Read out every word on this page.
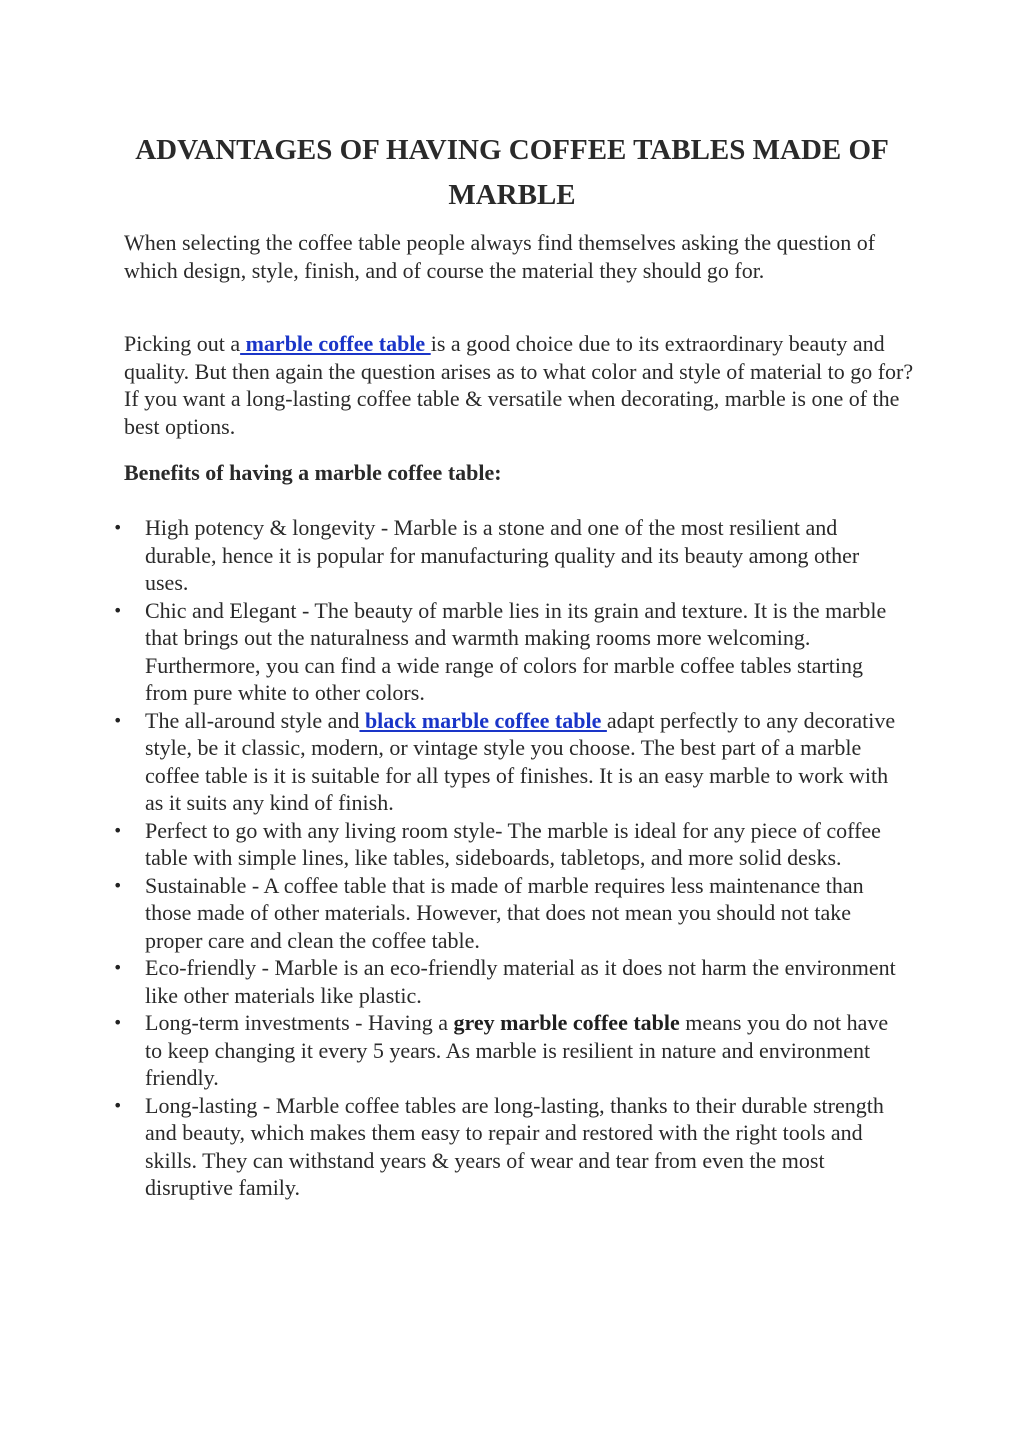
ADVANTAGES OF HAVING COFFEE TABLES MADE OF MARBLE

When selecting the coffee table people always find themselves asking the question of which design, style, finish, and of course the material they should go for.

Picking out a marble coffee table is a good choice due to its extraordinary beauty and quality. But then again the question arises as to what color and style of material to go for? If you want a long-lasting coffee table & versatile when decorating, marble is one of the best options.

Benefits of having a marble coffee table:
• High potency & longevity - Marble is a stone and one of the most resilient and durable, hence it is popular for manufacturing quality and its beauty among other uses.
• Chic and Elegant - The beauty of marble lies in its grain and texture. It is the marble that brings out the naturalness and warmth making rooms more welcoming. Furthermore, you can find a wide range of colors for marble coffee tables starting from pure white to other colors.
• The all-around style and black marble coffee table adapt perfectly to any decorative style, be it classic, modern, or vintage style you choose. The best part of a marble coffee table is it is suitable for all types of finishes. It is an easy marble to work with as it suits any kind of finish.
• Perfect to go with any living room style- The marble is ideal for any piece of coffee table with simple lines, like tables, sideboards, tabletops, and more solid desks.
• Sustainable - A coffee table that is made of marble requires less maintenance than those made of other materials. However, that does not mean you should not take proper care and clean the coffee table.
• Eco-friendly - Marble is an eco-friendly material as it does not harm the environment like other materials like plastic.
• Long-term investments - Having a grey marble coffee table means you do not have to keep changing it every 5 years. As marble is resilient in nature and environment friendly.
• Long-lasting - Marble coffee tables are long-lasting, thanks to their durable strength and beauty, which makes them easy to repair and restored with the right tools and skills. They can withstand years & years of wear and tear from even the most disruptive family.
